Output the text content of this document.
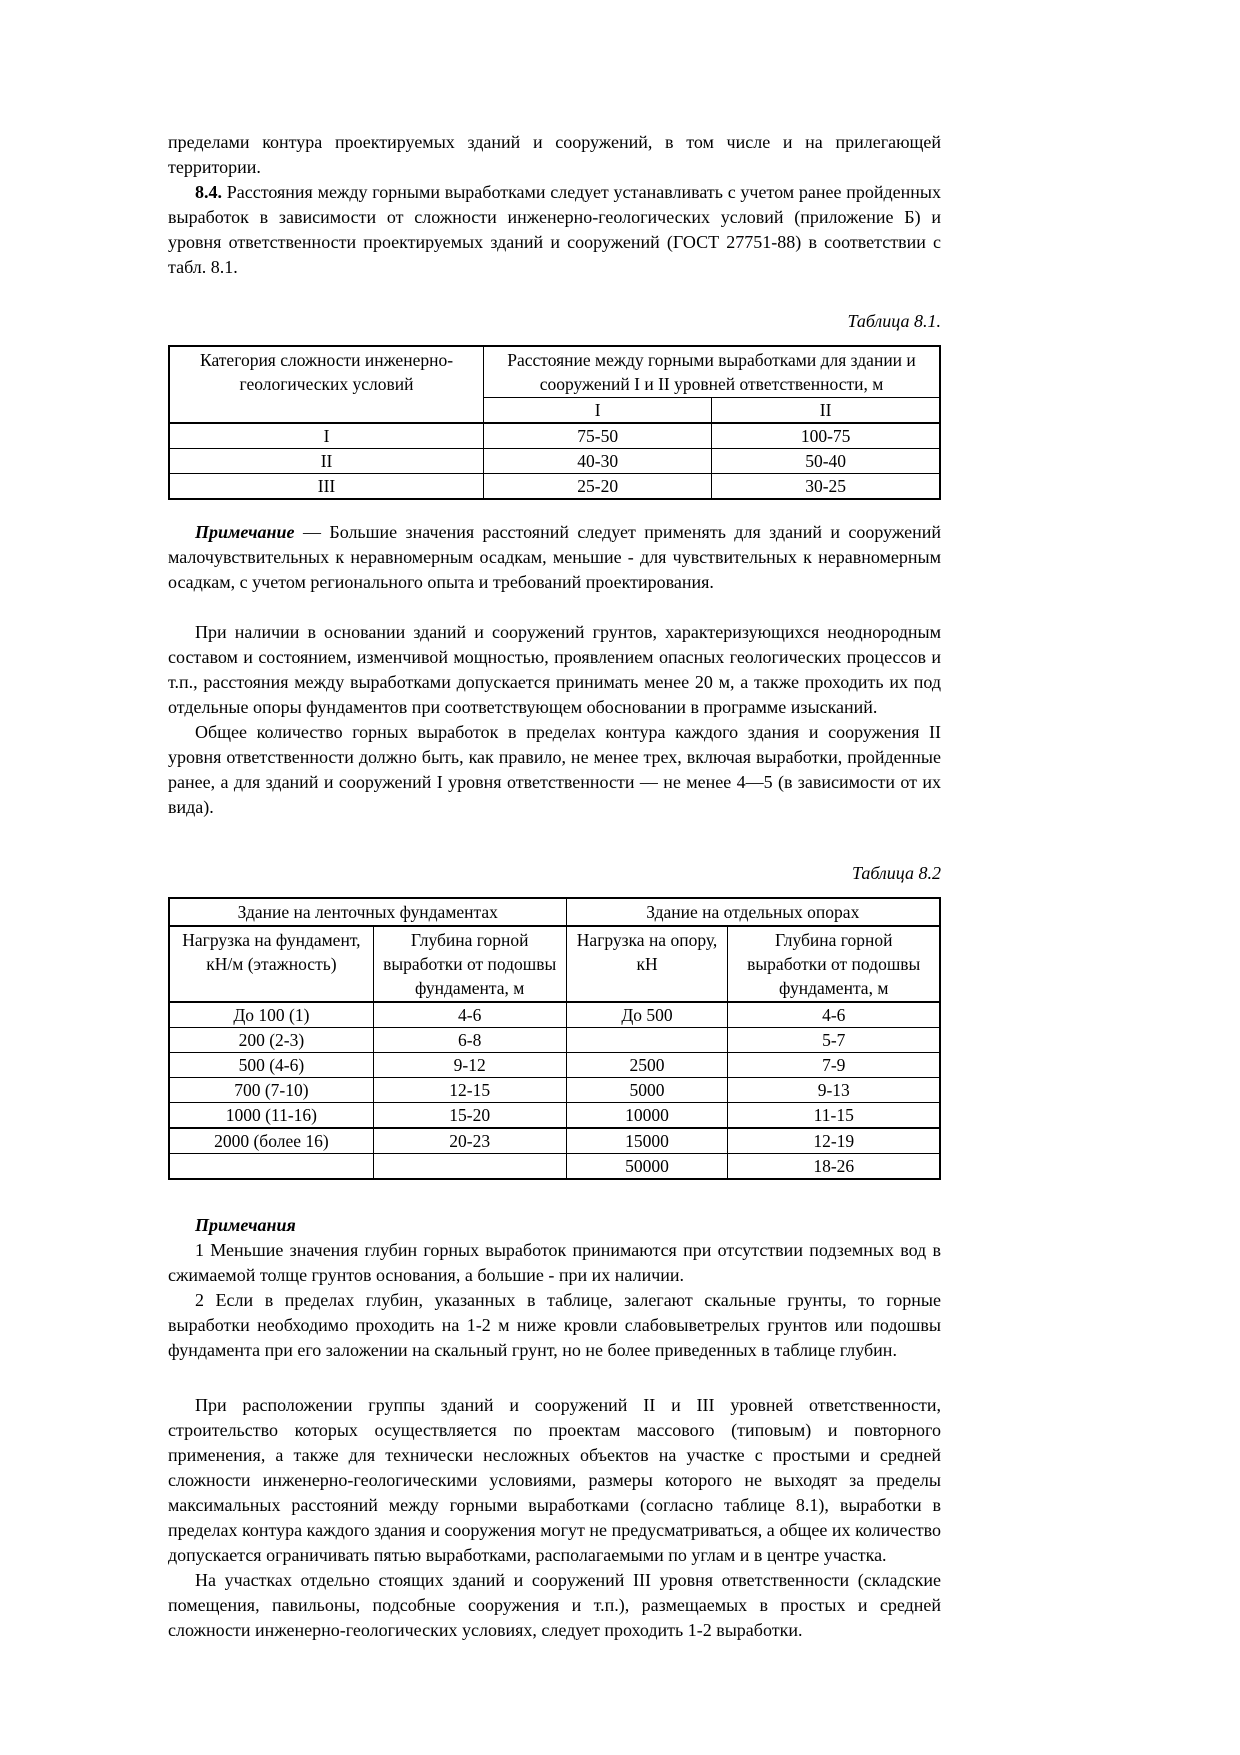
пределами контура проектируемых зданий и сооружений, в том числе и на прилегающей территории.

8.4. Расстояния между горными выработками следует устанавливать с учетом ранее пройденных выработок в зависимости от сложности инженерно-геологических условий (приложение Б) и уровня ответственности проектируемых зданий и сооружений (ГОСТ 27751-88) в соответствии с табл. 8.1.

Таблица 8.1.
Категория сложности инженерно-геологических условий	Расстояние между горными выработками для здании и сооружений I и II уровней ответственности, м	
	I	II
I	75-50	100-75
II	40-30	50-40
III	25-20	30-25

Примечание — Большие значения расстояний следует применять для зданий и сооружений малочувствительных к неравномерным осадкам, меньшие - для чувствительных к неравномерным осадкам, с учетом регионального опыта и требований проектирования.

При наличии в основании зданий и сооружений грунтов, характеризующихся неоднородным составом и состоянием, изменчивой мощностью, проявлением опасных геологических процессов и т.п., расстояния между выработками допускается принимать менее 20 м, а также проходить их под отдельные опоры фундаментов при соответствующем обосновании в программе изысканий.

Общее количество горных выработок в пределах контура каждого здания и сооружения II уровня ответственности должно быть, как правило, не менее трех, включая выработки, пройденные ранее, а для зданий и сооружений I уровня ответственности — не менее 4—5 (в зависимости от их вида).

Таблица 8.2
Здание на ленточных фундаментах		Здание на отдельных опорах	
Нагрузка на фундамент, кН/м (этажность)	Глубина горной выработки от подошвы фундамента, м	Нагрузка на опору, кН	Глубина горной выработки от подошвы фундамента, м
До 100 (1)	4-6	До 500	4-6
200 (2-3)	6-8		5-7
500 (4-6)	9-12	2500	7-9
700 (7-10)	12-15	5000	9-13
1000 (11-16)	15-20	10000	11-15
2000 (более 16)	20-23	15000	12-19
		50000	18-26

Примечания

1 Меньшие значения глубин горных выработок принимаются при отсутствии подземных вод в сжимаемой толще грунтов основания, а большие - при их наличии.

2 Если в пределах глубин, указанных в таблице, залегают скальные грунты, то горные выработки необходимо проходить на 1-2 м ниже кровли слабовыветрелых грунтов или подошвы фундамента при его заложении на скальный грунт, но не более приведенных в таблице глубин.

При расположении группы зданий и сооружений II и III уровней ответственности, строительство которых осуществляется по проектам массового (типовым) и повторного применения, а также для технически несложных объектов на участке с простыми и средней сложности инженерно-геологическими условиями, размеры которого не выходят за пределы максимальных расстояний между горными выработками (согласно таблице 8.1), выработки в пределах контура каждого здания и сооружения могут не предусматриваться, а общее их количество допускается ограничивать пятью выработками, располагаемыми по углам и в центре участка.

На участках отдельно стоящих зданий и сооружений III уровня ответственности (складские помещения, павильоны, подсобные сооружения и т.п.), размещаемых в простых и средней сложности инженерно-геологических условиях, следует проходить 1-2 выработки.
